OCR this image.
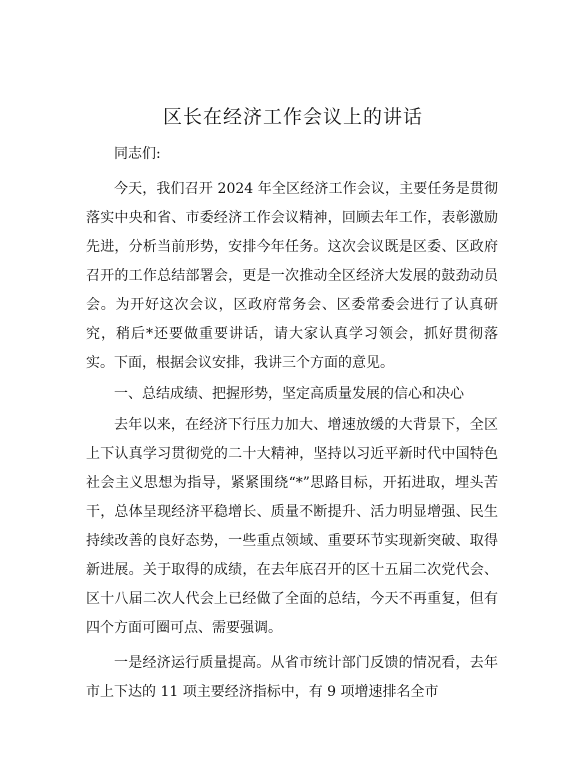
区长在经济工作会议上的讲话

同志们:

今天，我们召开 2024 年全区经济工作会议，主要任务是贯彻落实中央和省、市委经济工作会议精神，回顾去年工作，表彰激励先进，分析当前形势，安排今年任务。这次会议既是区委、区政府召开的工作总结部署会，更是一次推动全区经济大发展的鼓劲动员会。为开好这次会议，区政府常务会、区委常委会进行了认真研究，稍后*还要做重要讲话，请大家认真学习领会，抓好贯彻落实。下面，根据会议安排，我讲三个方面的意见。

一、总结成绩、把握形势，坚定高质量发展的信心和决心

去年以来，在经济下行压力加大、增速放缓的大背景下，全区上下认真学习贯彻党的二十大精神，坚持以习近平新时代中国特色社会主义思想为指导，紧紧围绕“*”思路目标，开拓进取，埋头苦干，总体呈现经济平稳增长、质量不断提升、活力明显增强、民生持续改善的良好态势，一些重点领域、重要环节实现新突破、取得新进展。关于取得的成绩，在去年底召开的区十五届二次党代会、区十八届二次人代会上已经做了全面的总结，今天不再重复，但有四个方面可圈可点、需要强调。

一是经济运行质量提高。从省市统计部门反馈的情况看，去年市上下达的 11 项主要经济指标中，有 9 项增速排名全市
